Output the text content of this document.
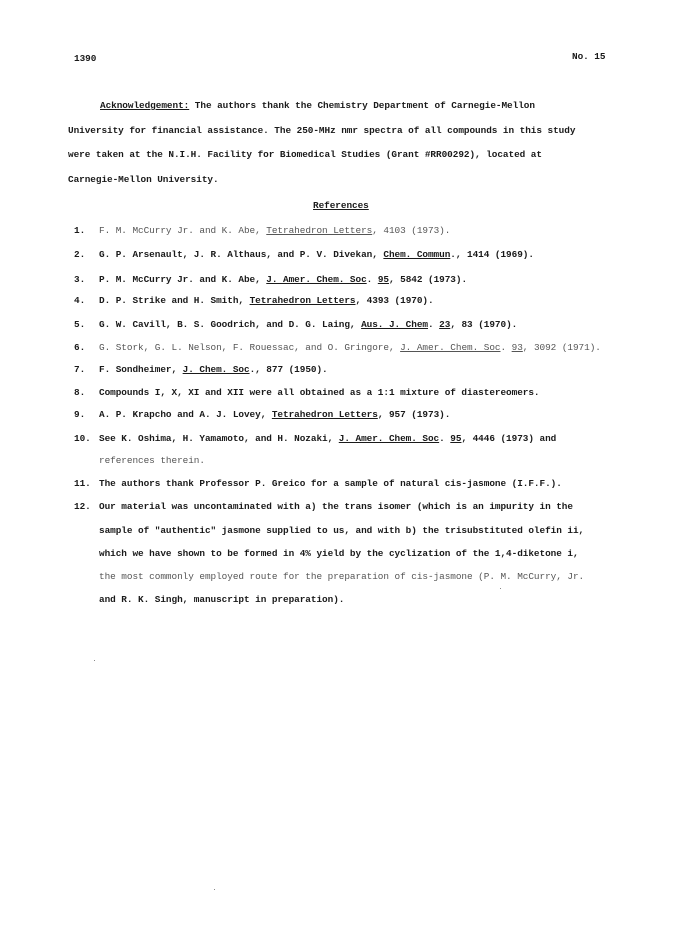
1390	No. 15
Acknowledgement: The authors thank the Chemistry Department of Carnegie-Mellon
University for financial assistance. The 250-MHz nmr spectra of all compounds in this study
were taken at the N.I.H. Facility for Biomedical Studies (Grant #RR00292), located at
Carnegie-Mellon University.
References
1. F. M. McCurry Jr. and K. Abe, Tetrahedron Letters, 4103 (1973).
2. G. P. Arsenault, J. R. Althaus, and P. V. Divekan, Chem. Commun., 1414 (1969).
3. P. M. McCurry Jr. and K. Abe, J. Amer. Chem. Soc. 95, 5842 (1973).
4. D. P. Strike and H. Smith, Tetrahedron Letters, 4393 (1970).
5. G. W. Cavill, B. S. Goodrich, and D. G. Laing, Aus. J. Chem. 23, 83 (1970).
6. G. Stork, G. L. Nelson, F. Rouessac, and O. Gringore, J. Amer. Chem. Soc. 93, 3092 (1971).
7. F. Sondheimer, J. Chem. Soc., 877 (1950).
8. Compounds I, X, XI and XII were all obtained as a 1:1 mixture of diastereomers.
9. A. P. Krapcho and A. J. Lovey, Tetrahedron Letters, 957 (1973).
10. See K. Oshima, H. Yamamoto, and H. Nozaki, J. Amer. Chem. Soc. 95, 4446 (1973) and
references therein.
11. The authors thank Professor P. Greico for a sample of natural cis-jasmone (I.F.F.).
12. Our material was uncontaminated with a) the trans isomer (which is an impurity in the
sample of "authentic" jasmone supplied to us, and with b) the trisubstituted olefin ii,
which we have shown to be formed in 4% yield by the cyclization of the 1,4-diketone i,
the most commonly employed route for the preparation of cis-jasmone (P. M. McCurry, Jr.
and R. K. Singh, manuscript in preparation).
